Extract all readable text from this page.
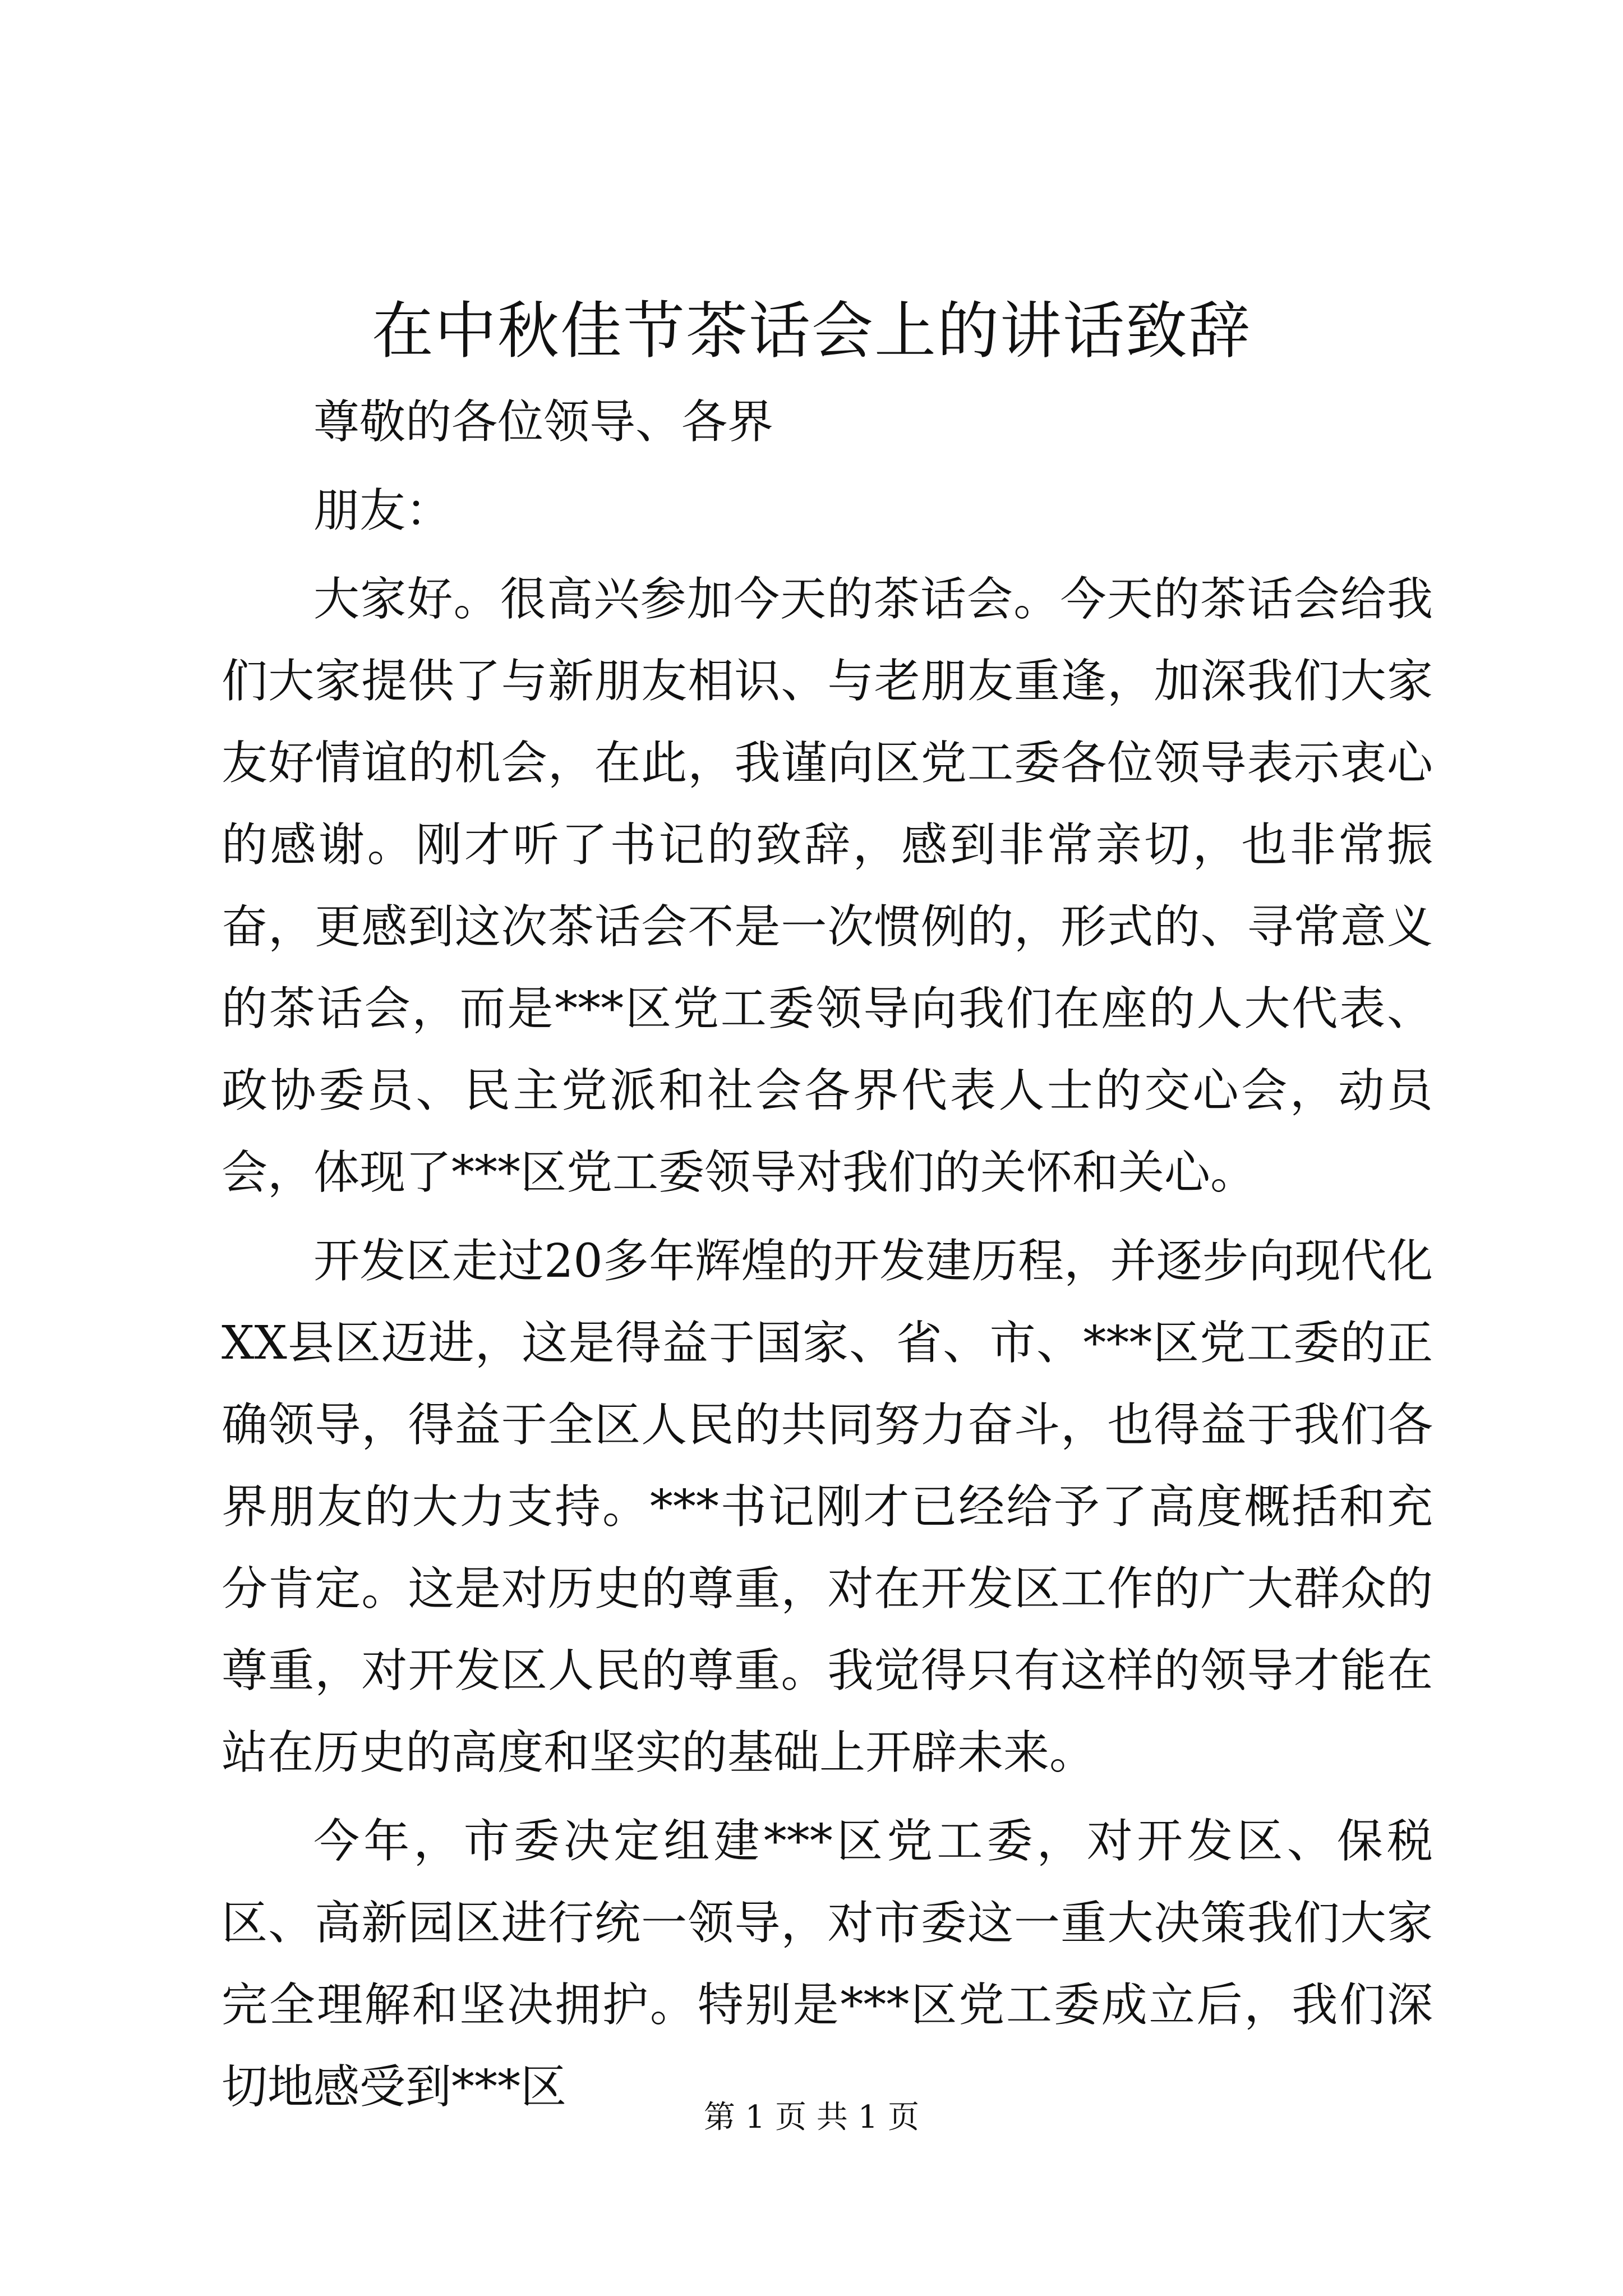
在中秋佳节茶话会上的讲话致辞

尊敬的各位领导、各界

朋友：

大家好。很高兴参加今天的茶话会。今天的茶话会给我们大家提供了与新朋友相识、与老朋友重逢，加深我们大家友好情谊的机会，在此，我谨向区党工委各位领导表示衷心的感谢。刚才听了书记的致辞，感到非常亲切，也非常振奋，更感到这次茶话会不是一次惯例的，形式的、寻常意义的茶话会，而是***区党工委领导向我们在座的人大代表、政协委员、民主党派和社会各界代表人士的交心会，动员会，体现了***区党工委领导对我们的关怀和关心。

开发区走过20多年辉煌的开发建历程，并逐步向现代化XX县区迈进，这是得益于国家、省、市、***区党工委的正确领导，得益于全区人民的共同努力奋斗，也得益于我们各界朋友的大力支持。***书记刚才已经给予了高度概括和充分肯定。这是对历史的尊重，对在开发区工作的广大群众的尊重，对开发区人民的尊重。我觉得只有这样的领导才能在站在历史的高度和坚实的基础上开辟未来。

今年，市委决定组建***区党工委，对开发区、保税区、高新园区进行统一领导，对市委这一重大决策我们大家完全理解和坚决拥护。特别是***区党工委成立后，我们深切地感受到***区

第 1 页 共 1 页
